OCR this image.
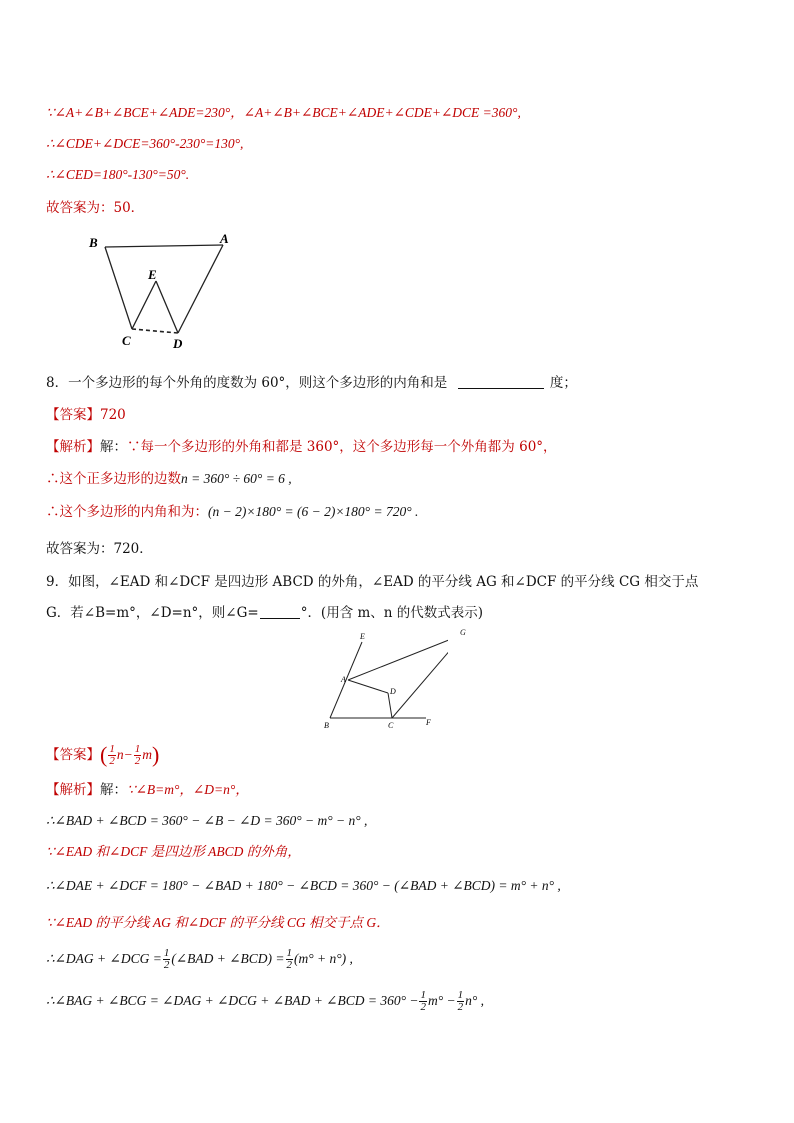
∵∠A+∠B+∠BCE+∠ADE=230°，∠A+∠B+∠BCE+∠ADE+∠CDE+∠DCE =360°,
∴∠CDE+∠DCE=360°-230°=130°,
∴∠CED=180°-130°=50°.
故答案为：50．
B	A
E
C	D
8．一个多边形的每个外角的度数为 60°，则这个多边形的内角和是	度；
【答案】720
【解析】解：∵每一个多边形的外角和都是 360°，这个多边形每一个外角都为 60°，
∴这个正多边形的边数n = 360° ÷ 60° = 6 ,
∴这个多边形的内角和为：(n − 2)×180° = (6 − 2)×180° = 720° .
故答案为：720．
9．如图，∠EAD 和∠DCF 是四边形 ABCD 的外角，∠EAD 的平分线 AG 和∠DCF 的平分线 CG 相交于点
G．若∠B=m°，∠D=n°，则∠G=	°．(用含 m、n 的代数式表示)
E
A
D
B	C	F
G
【答案】 ( $\frac{1}{2} n- \frac{1}{2}$ m )
【解析】解：∵∠B=m°，∠D=n°，
∴∠BAD + ∠BCD = 360° − ∠B − ∠D = 360° − m° − n° ,
∵∠EAD 和∠DCF 是四边形 ABCD 的外角，
∴∠DAE + ∠DCF = 180° − ∠BAD + 180° − ∠BCD = 360° − (∠BAD + ∠BCD) = m° + n° ,
∵∠EAD 的平分线 AG 和∠DCF 的平分线 CG 相交于点 G．
∴∠DAG + ∠DCG = $\frac{1}{2}$ (∠BAD + ∠BCD) = $\frac{1}{2} (m^\circ + n^\circ)$ ,
∴∠BAG + ∠BCG = ∠DAG + ∠DCG + ∠BAD + ∠BCD = $360^\circ - \frac{1}{2} m^\circ - \frac{1}{2} n^\circ$ ,
